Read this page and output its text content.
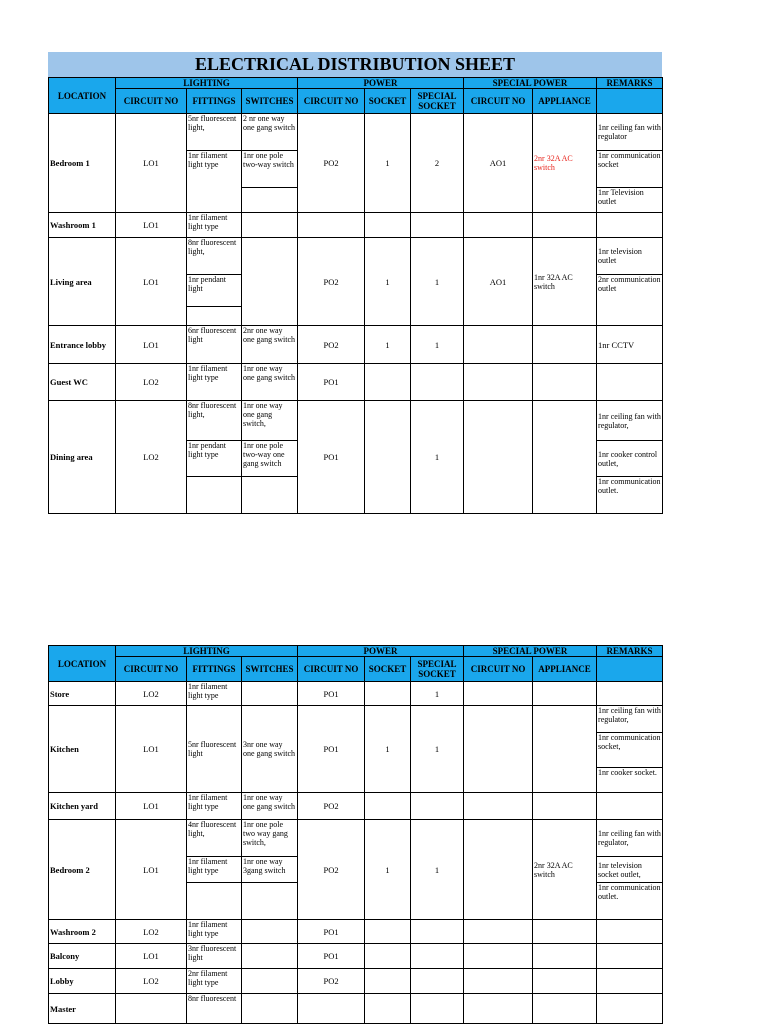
ELECTRICAL DISTRIBUTION SHEET
LOCATION	LIGHTING			POWER			SPECIAL POWER		REMARKS
	CIRCUIT NO	FITTINGS	SWITCHES	CIRCUIT NO	SOCKET	SPECIAL SOCKET	CIRCUIT NO	APPLIANCE	
Bedroom 1	LO1	5nr fluorescent light,	2 nr one way one gang switch	PO2	1	2	AO1	2nr 32A AC switch	1nr ceiling fan with regulator
		1nr filament light type	1nr one pole two-way switch						1nr communication socket
									1nr Television outlet
Washroom 1	LO1	1nr filament light type							
Living area	LO1	8nr fluorescent light,		PO2	1	1	AO1	1nr 32A AC switch	1nr television outlet
		1nr pendant light							2nr communication outlet

Entrance lobby	LO1	6nr fluorescent light	2nr one way one gang switch	PO2	1	1			1nr CCTV
Guest WC	LO2	1nr filament light type	1nr one way one gang switch	PO1					
Dining area	LO2	8nr fluorescent light,	1nr one way one gang switch,	PO1		1			1nr ceiling fan with regulator,
		1nr pendant light type	1nr one pole two-way one gang switch						1nr cooker control outlet,
									1nr communication outlet.
LOCATION	LIGHTING			POWER			SPECIAL POWER		REMARKS
	CIRCUIT NO	FITTINGS	SWITCHES	CIRCUIT NO	SOCKET	SPECIAL SOCKET	CIRCUIT NO	APPLIANCE	
Store	LO2	1nr filament light type		PO1		1			
Kitchen	LO1	5nr fluorescent light	3nr one way one gang switch	PO1	1	1			1nr ceiling fan with regulator,
									1nr communication socket,
									1nr cooker socket.
Kitchen yard	LO1	1nr filament light type	1nr one way one gang switch	PO2					
Bedroom 2	LO1	4nr fluorescent light,	1nr one pole two way gang switch,	PO2	1	1		2nr 32A AC switch	1nr ceiling fan with regulator,
		1nr filament light type	1nr one way 3gang switch						1nr television socket outlet,
									1nr communication outlet.
Washroom 2	LO2	1nr filament light type		PO1					
Balcony	LO1	3nr fluorescent light		PO1					
Lobby	LO2	2nr filament light type		PO2					
Master		8nr fluorescent							
